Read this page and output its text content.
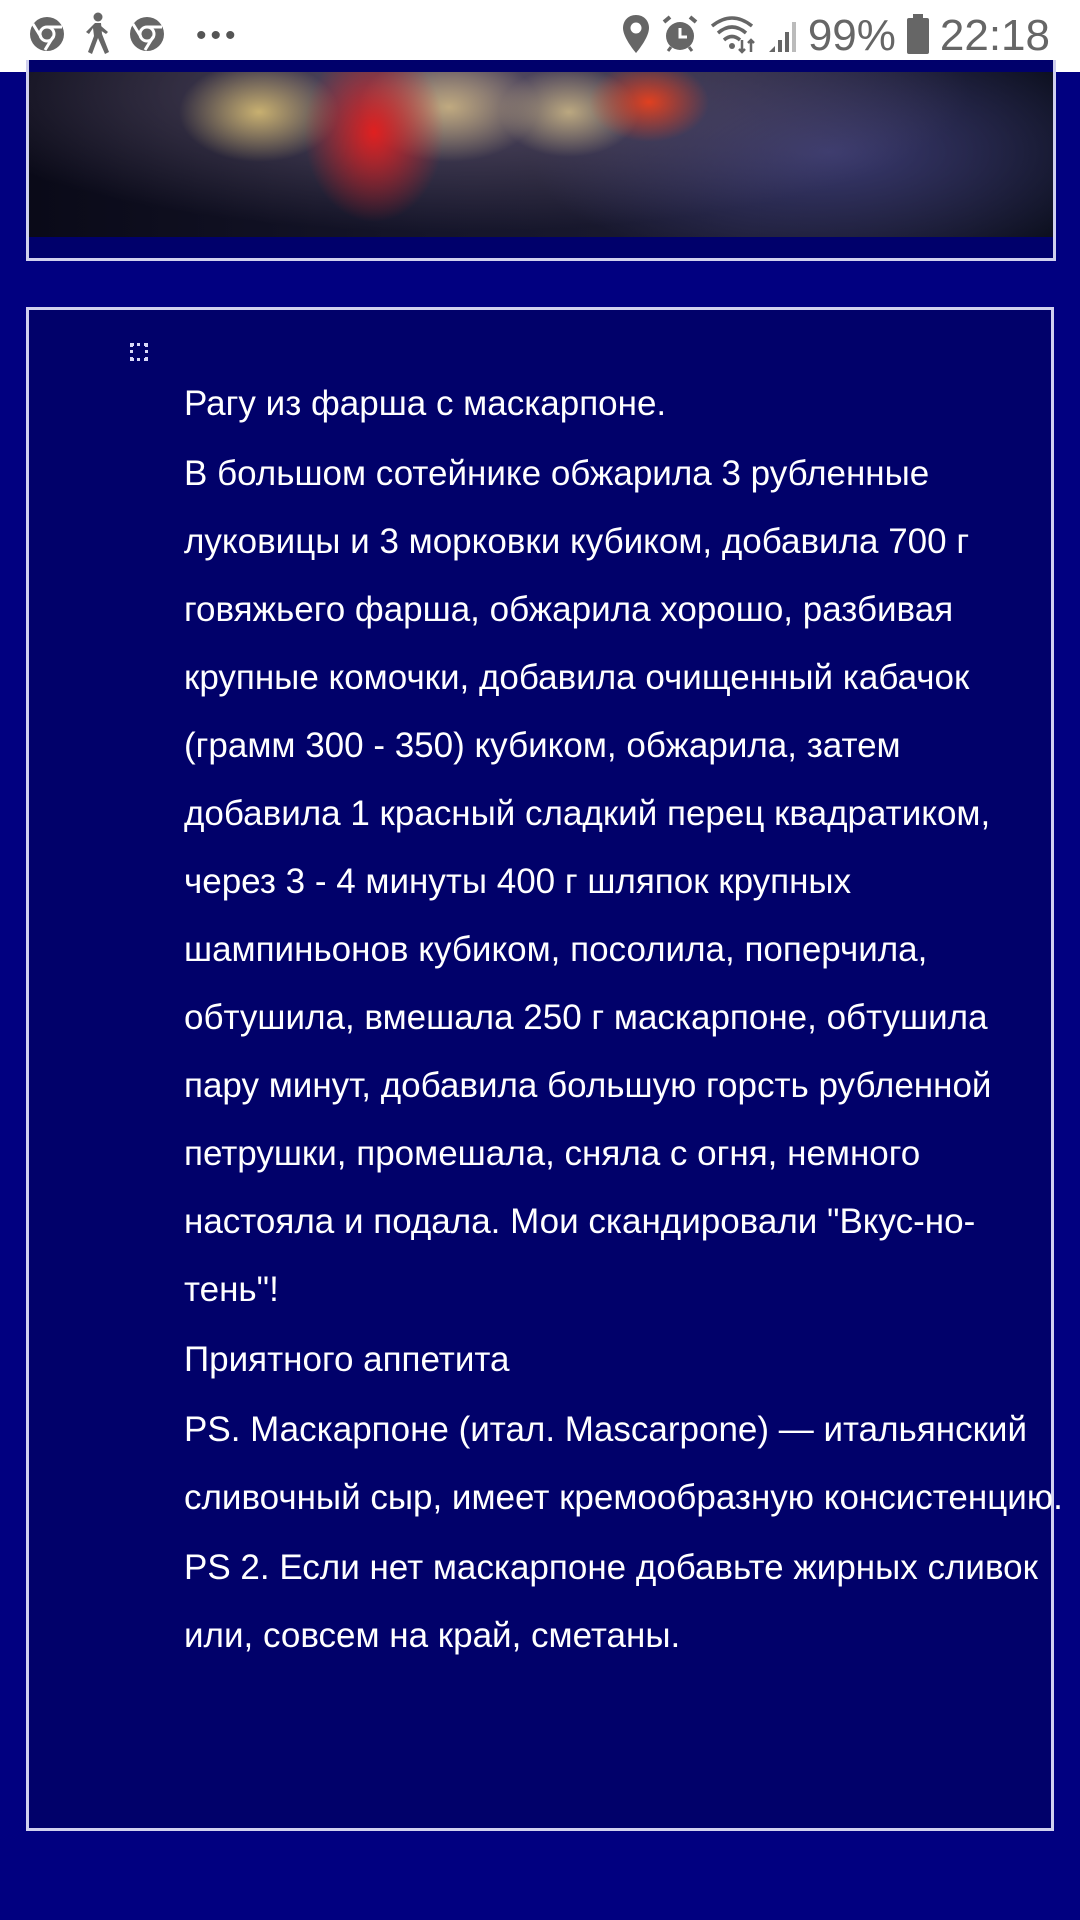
•••	99% 22:18

Рагу из фарша с маскарпоне.

В большом сотейнике обжарила 3 рубленные луковицы и 3 морковки кубиком, добавила 700 г говяжьего фарша, обжарила хорошо, разбивая крупные комочки, добавила очищенный кабачок (грамм 300 - 350) кубиком, обжарила, затем добавила 1 красный сладкий перец квадратиком, через 3 - 4 минуты 400 г шляпок крупных шампиньонов кубиком, посолила, поперчила, обтушила, вмешала 250 г маскарпоне, обтушила пару минут, добавила большую горсть рубленной петрушки, промешала, сняла с огня, немного настояла и подала. Мои скандировали "Вкус-но-тень"!

Приятного аппетита

PS. Маскарпоне (итал. Mascarpone) — итальянский сливочный сыр, имеет кремообразную консистенцию.

PS 2. Если нет маскарпоне добавьте жирных сливок или, совсем на край, сметаны.
